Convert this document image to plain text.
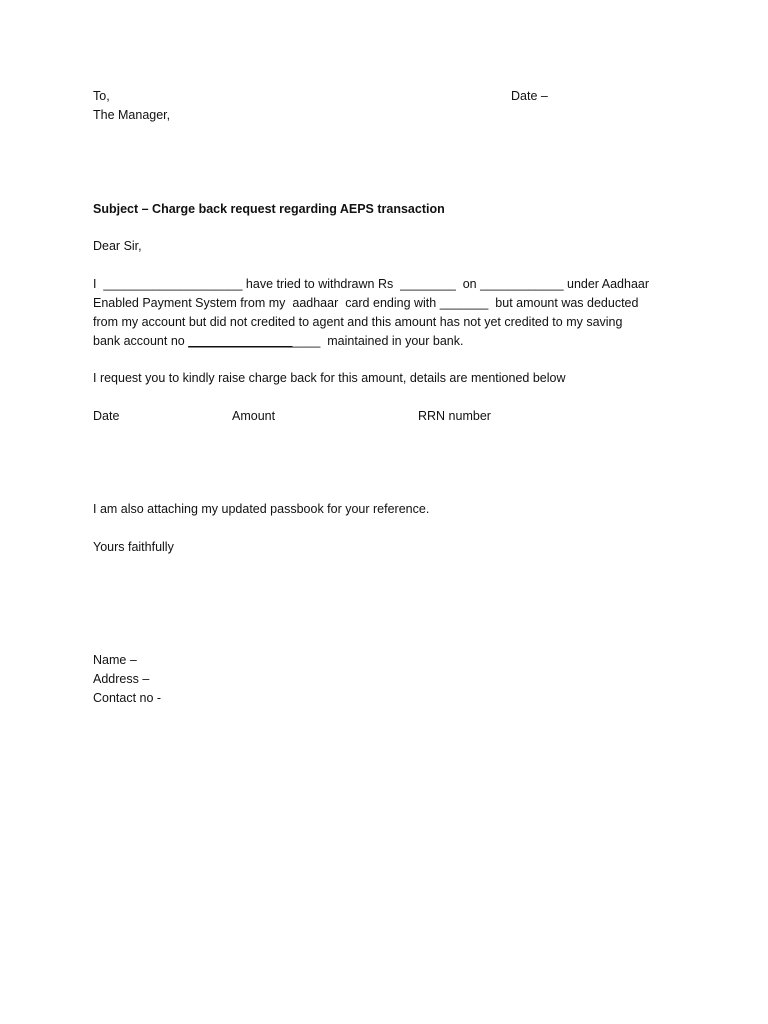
To,	Date –
The Manager,
Subject – Charge back request regarding AEPS transaction
Dear Sir,
I  ____________________ have tried to withdrawn Rs  ________  on ____________ under Aadhaar
Enabled Payment System from my  aadhaar  card ending with _______  but amount was deducted
from my account but did not credited to agent and this amount has not yet credited to my saving
bank account no ___________________  maintained in your bank.
I request you to kindly raise charge back for this amount, details are mentioned below
Date	Amount	RRN number
I am also attaching my updated passbook for your reference.
Yours faithfully
Name –
Address –
Contact no -
